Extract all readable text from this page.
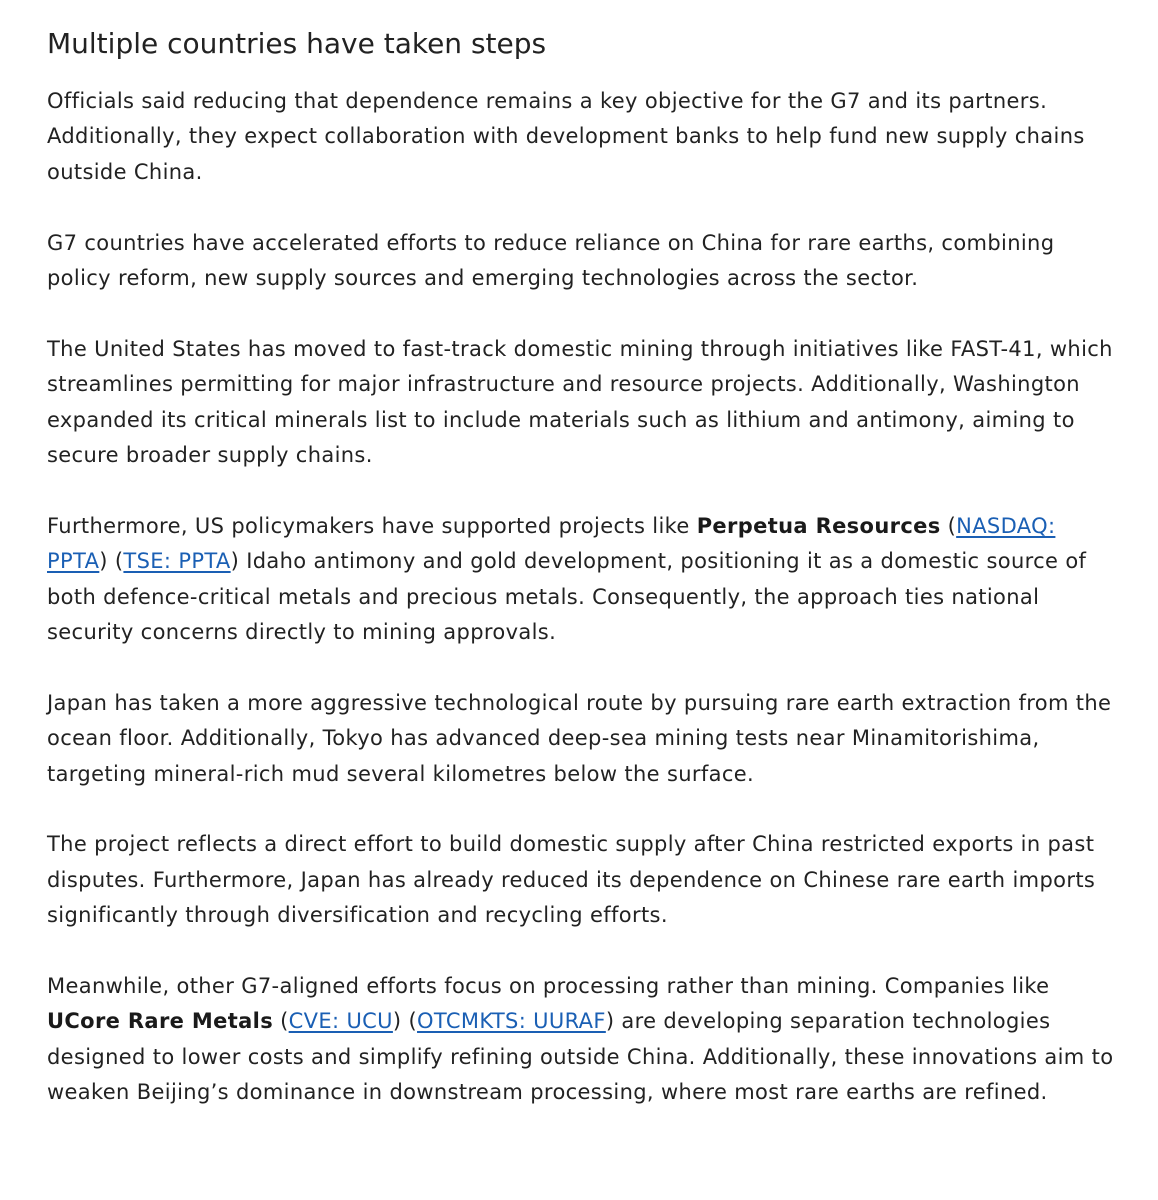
Multiple countries have taken steps

Officials said reducing that dependence remains a key objective for the G7 and its partners. Additionally, they expect collaboration with development banks to help fund new supply chains outside China.

G7 countries have accelerated efforts to reduce reliance on China for rare earths, combining policy reform, new supply sources and emerging technologies across the sector.

The United States has moved to fast-track domestic mining through initiatives like FAST-41, which streamlines permitting for major infrastructure and resource projects. Additionally, Washington expanded its critical minerals list to include materials such as lithium and antimony, aiming to secure broader supply chains.

Furthermore, US policymakers have supported projects like Perpetua Resources (NASDAQ: PPTA) (TSE: PPTA) Idaho antimony and gold development, positioning it as a domestic source of both defence-critical metals and precious metals. Consequently, the approach ties national security concerns directly to mining approvals.

Japan has taken a more aggressive technological route by pursuing rare earth extraction from the ocean floor. Additionally, Tokyo has advanced deep-sea mining tests near Minamitorishima, targeting mineral-rich mud several kilometres below the surface.

The project reflects a direct effort to build domestic supply after China restricted exports in past disputes. Furthermore, Japan has already reduced its dependence on Chinese rare earth imports significantly through diversification and recycling efforts.

Meanwhile, other G7-aligned efforts focus on processing rather than mining. Companies like UCore Rare Metals (CVE: UCU) (OTCMKTS: UURAF) are developing separation technologies designed to lower costs and simplify refining outside China. Additionally, these innovations aim to weaken Beijing’s dominance in downstream processing, where most rare earths are refined.
